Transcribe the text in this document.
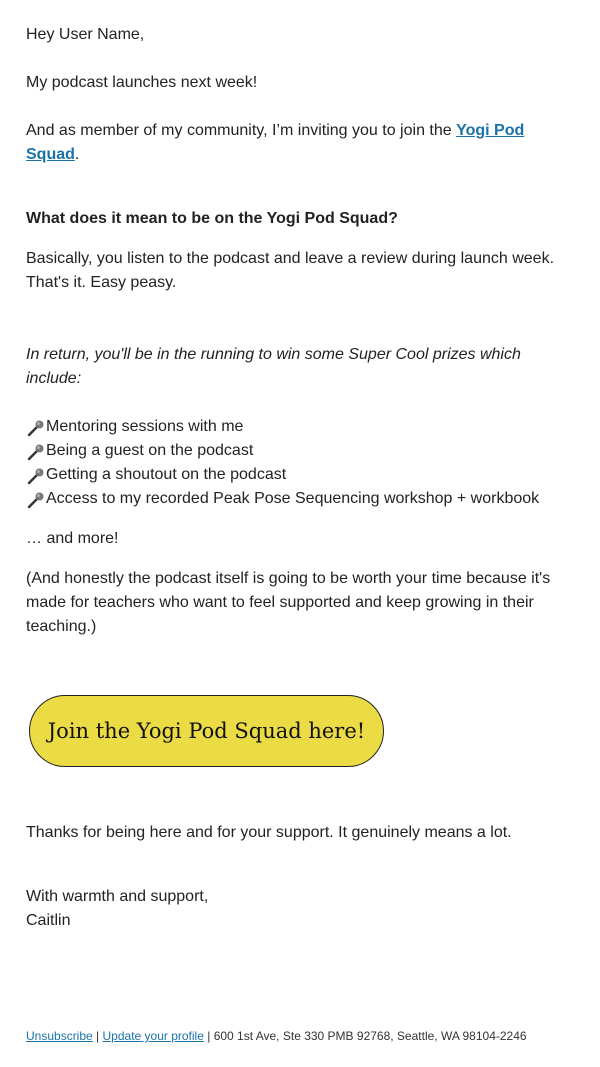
Hey User Name,

My podcast launches next week!

And as member of my community, I’m inviting you to join the Yogi Pod Squad.

What does it mean to be on the Yogi Pod Squad?

Basically, you listen to the podcast and leave a review during launch week.
That's it. Easy peasy.

In return, you'll be in the running to win some Super Cool prizes which include:

Mentoring sessions with me
Being a guest on the podcast
Getting a shoutout on the podcast
Access to my recorded Peak Pose Sequencing workshop + workbook

… and more!

(And honestly the podcast itself is going to be worth your time because it's made for teachers who want to feel supported and keep growing in their teaching.)

Join the Yogi Pod Squad here!

Thanks for being here and for your support. It genuinely means a lot.

With warmth and support,
Caitlin

Unsubscribe | Update your profile | 600 1st Ave, Ste 330 PMB 92768, Seattle, WA 98104-2246
